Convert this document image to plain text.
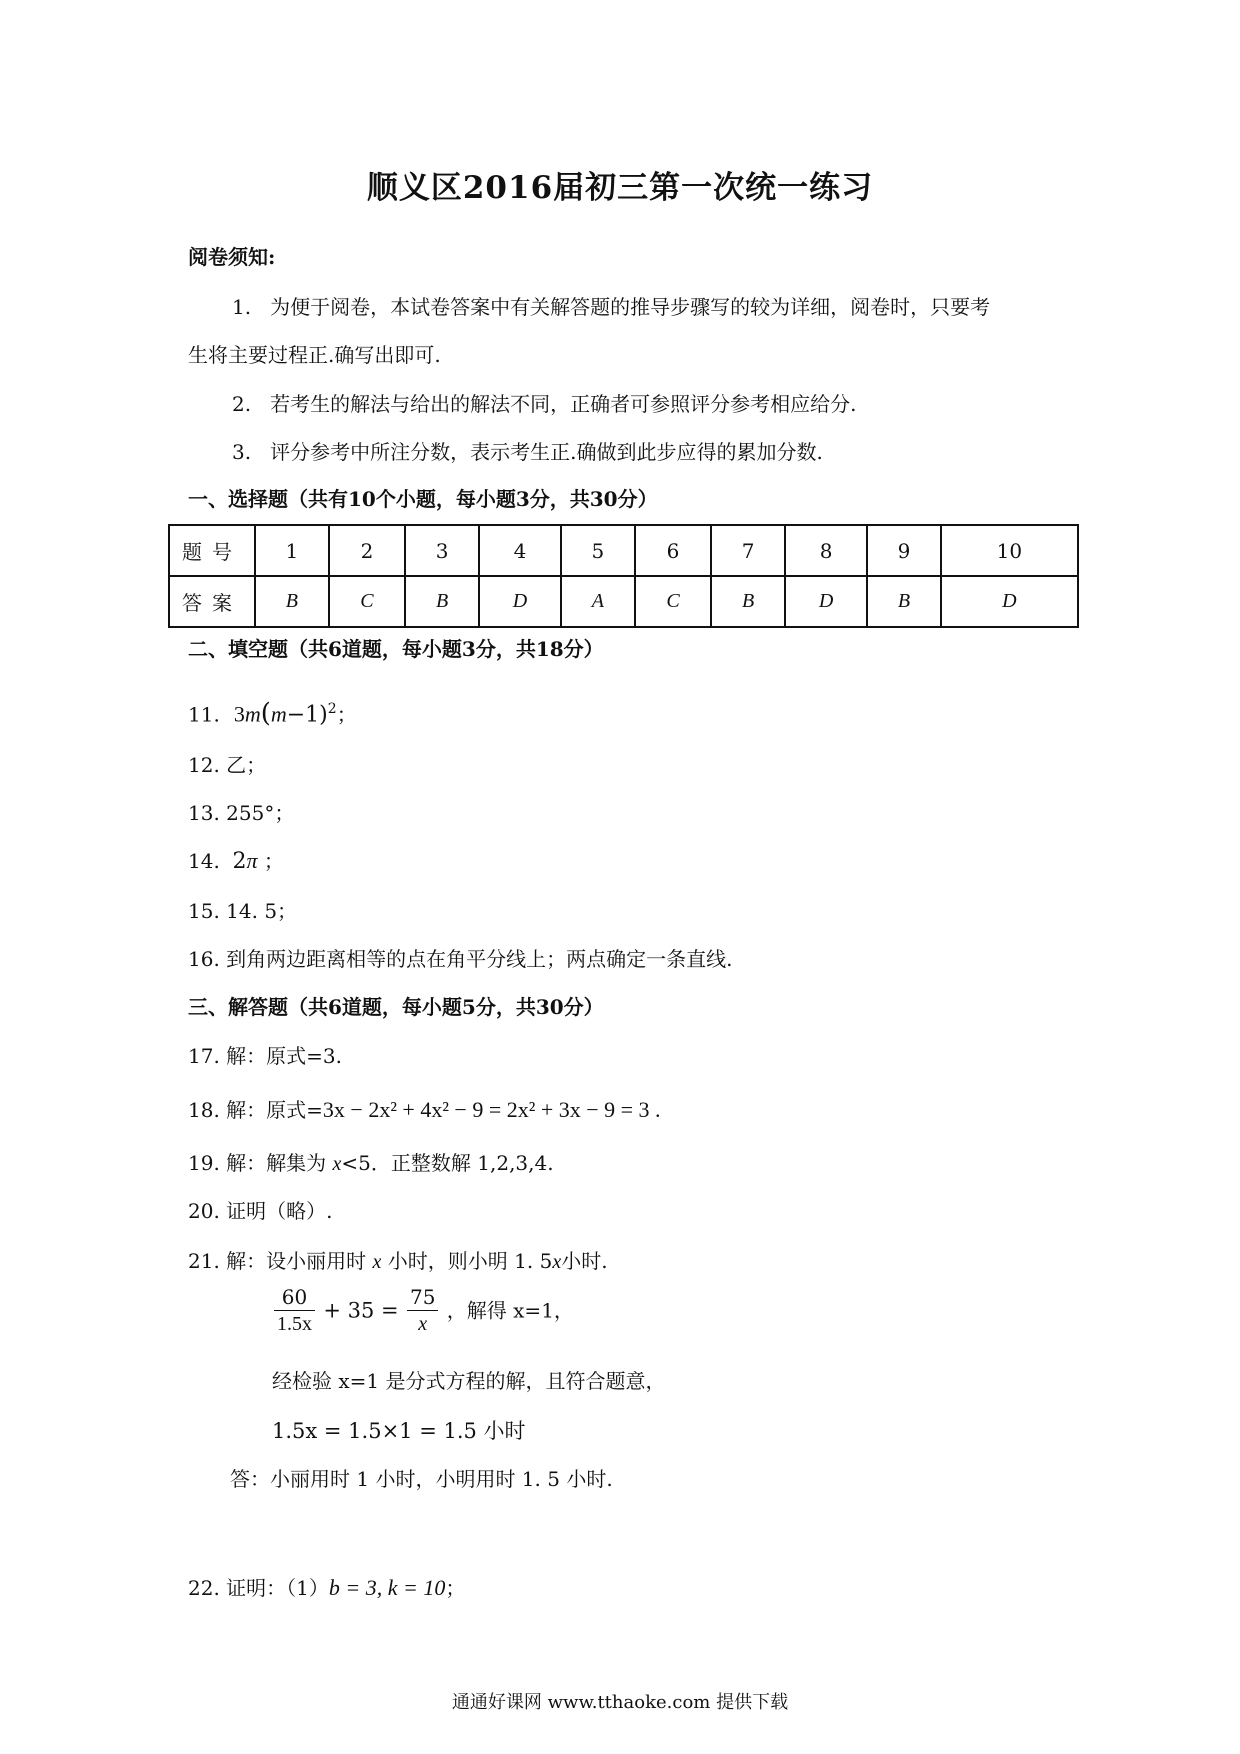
顺义区2016届初三第一次统一练习
阅卷须知:
1. 为便于阅卷，本试卷答案中有关解答题的推导步骤写的较为详细，阅卷时，只要考
生将主要过程正.确写出即可.
2. 若考生的解法与给出的解法不同，正确者可参照评分参考相应给分.
3. 评分参考中所注分数，表示考生正.确做到此步应得的累加分数.
一、选择题（共有10个小题，每小题3分，共30分）
题号	1	2	3	4	5	6	7	8	9	10
答案	B	C	B	D	A	C	B	D	B	D
二、填空题（共6道题，每小题3分，共18分）
11. $3m(m-1)^2$；
12. 乙；
13. 255°；
14. 2π ；
15. 14. 5；
16. 到角两边距离相等的点在角平分线上；两点确定一条直线.
三、解答题（共6道题，每小题5分，共30分）
17. 解：原式=3.
18. 解：原式=3x − 2x² + 4x² − 9 = 2x² + 3x − 9 = 3 .
19. 解：解集为 x<5．正整数解 1,2,3,4.
20. 证明（略）.
21. 解：设小丽用时 x 小时，则小明 1. 5x小时.
$\frac{60}{1.5x} + 35 = \frac{75}{x}$ ，解得 x=1，
经检验 x=1 是分式方程的解，且符合题意，
1.5x = 1.5×1 = 1.5 小时
答：小丽用时 1 小时，小明用时 1. 5 小时.
22. 证明：（1）b = 3, k = 10；
通通好课网 www.tthaoke.com 提供下载
